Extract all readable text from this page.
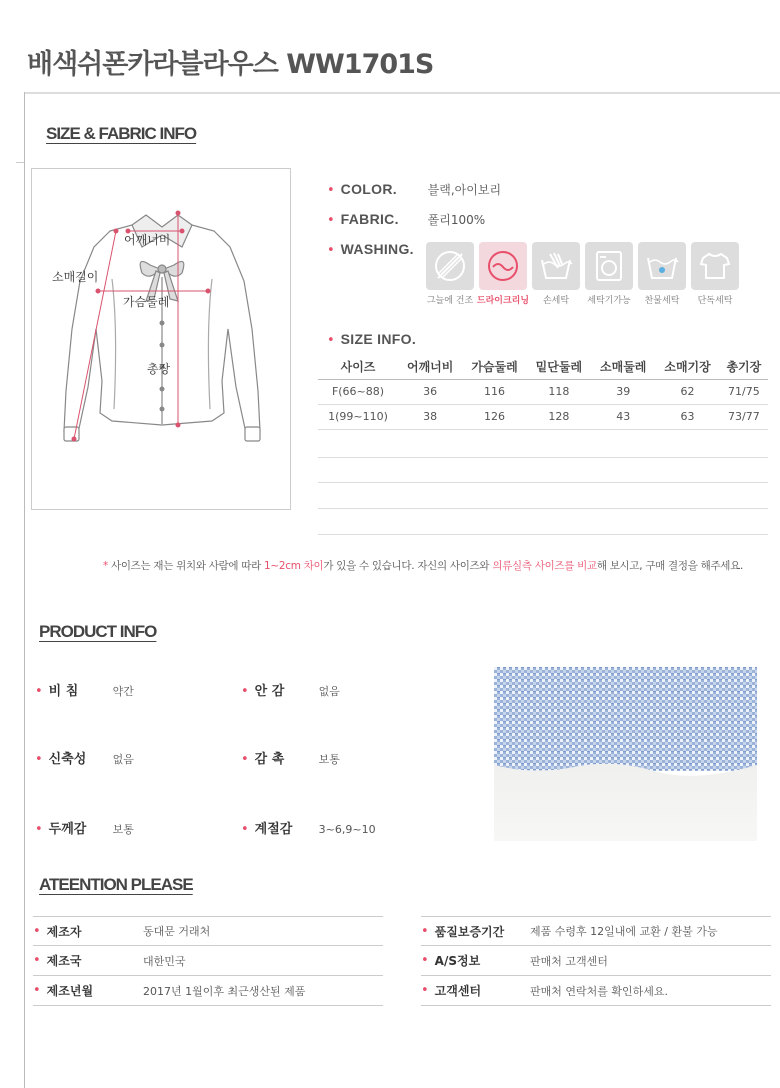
배색쉬폰카라블라우스 WW1701S
SIZE & FABRIC INFO
어깨너비
소매길이
가슴둘레
총장
• COLOR.	블랙,아이보리
• FABRIC.	폴리100%
• WASHING.
그늘에 건조 드라이크리닝	손세탁	세탁기가능	찬물세탁	단독세탁
• SIZE INFO.
사이즈	어깨너비	가슴둘레	밑단둘레	소매둘레	소매기장	총기장
F(66~88)	36	116	118	39	62	71/75
1(99~110)	38	126	128	43	63	73/77
* 사이즈는 재는 위치와 사람에 따라 1~2cm 차이가 있을 수 있습니다. 자신의 사이즈와 의류실측 사이즈를 비교해 보시고, 구매 결정을 해주세요.
PRODUCT INFO
• 비 침	약간	• 안 감	없음
• 신축성	없음	• 감 촉	보통
• 두께감	보통	• 계절감	3~6,9~10
ATEENTION PLEASE
• 제조자	동대문 거래처	• 품질보증기간 제품 수령후 12일내에 교환 / 환불 가능
• 제조국	대한민국	• A/S정보	판매처 고객센터
• 제조년월	2017년 1월이후 최근생산된 제품	• 고객센터	판매처 연락처를 확인하세요.
